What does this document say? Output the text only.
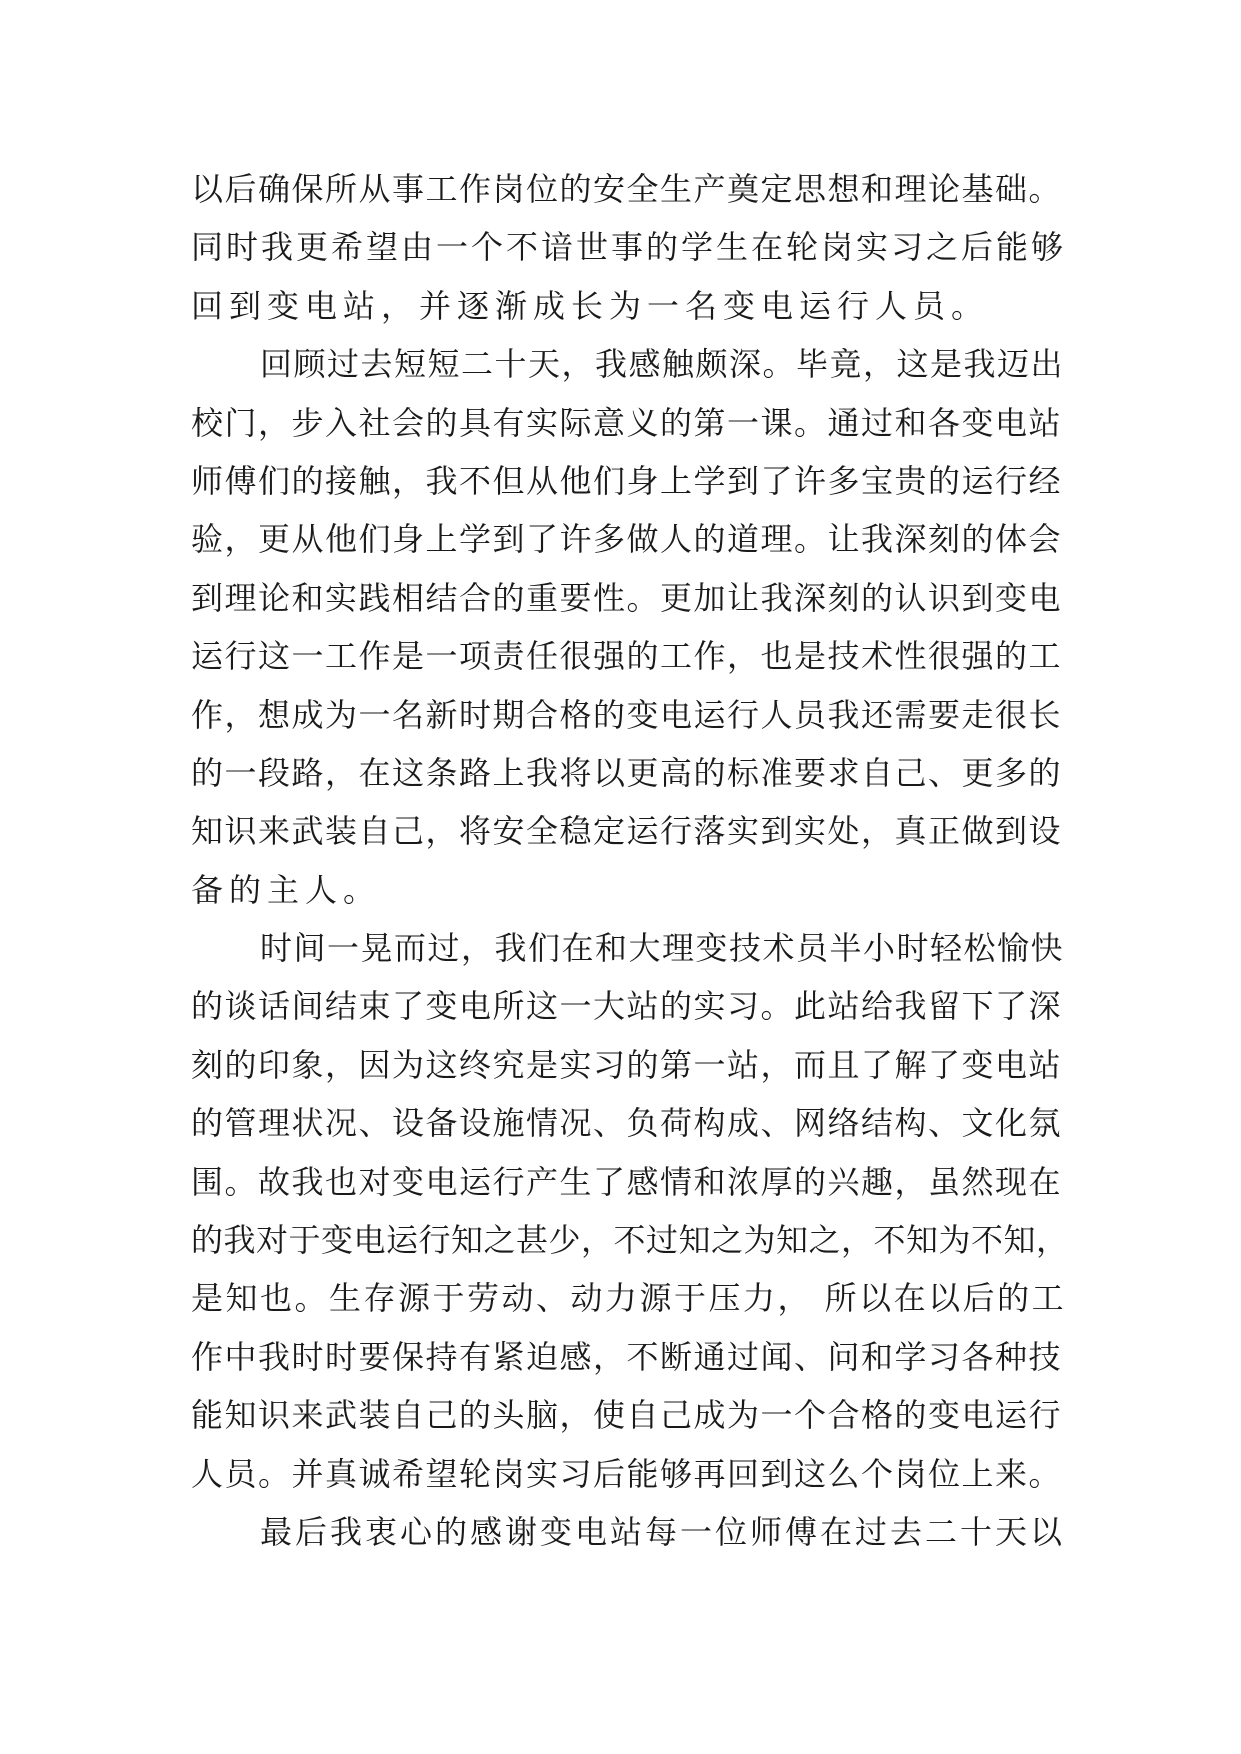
以后确保所从事工作岗位的安全生产奠定思想和理论基础。
同时我更希望由一个不谙世事的学生在轮岗实习之后能够
回到变电站，并逐渐成长为一名变电运行人员。
回顾过去短短二十天，我感触颇深。毕竟，这是我迈出
校门，步入社会的具有实际意义的第一课。通过和各变电站
师傅们的接触，我不但从他们身上学到了许多宝贵的运行经
验，更从他们身上学到了许多做人的道理。让我深刻的体会
到理论和实践相结合的重要性。更加让我深刻的认识到变电
运行这一工作是一项责任很强的工作，也是技术性很强的工
作，想成为一名新时期合格的变电运行人员我还需要走很长
的一段路，在这条路上我将以更高的标准要求自己、更多的
知识来武装自己，将安全稳定运行落实到实处，真正做到设
备的主人。
时间一晃而过，我们在和大理变技术员半小时轻松愉快
的谈话间结束了变电所这一大站的实习。此站给我留下了深
刻的印象，因为这终究是实习的第一站，而且了解了变电站
的管理状况、设备设施情况、负荷构成、网络结构、文化氛
围。故我也对变电运行产生了感情和浓厚的兴趣，虽然现在
的我对于变电运行知之甚少，不过知之为知之，不知为不知，
是知也。生存源于劳动、动力源于压力， 所以在以后的工
作中我时时要保持有紧迫感，不断通过闻、问和学习各种技
能知识来武装自己的头脑，使自己成为一个合格的变电运行
人员。并真诚希望轮岗实习后能够再回到这么个岗位上来。
最后我衷心的感谢变电站每一位师傅在过去二十天以
